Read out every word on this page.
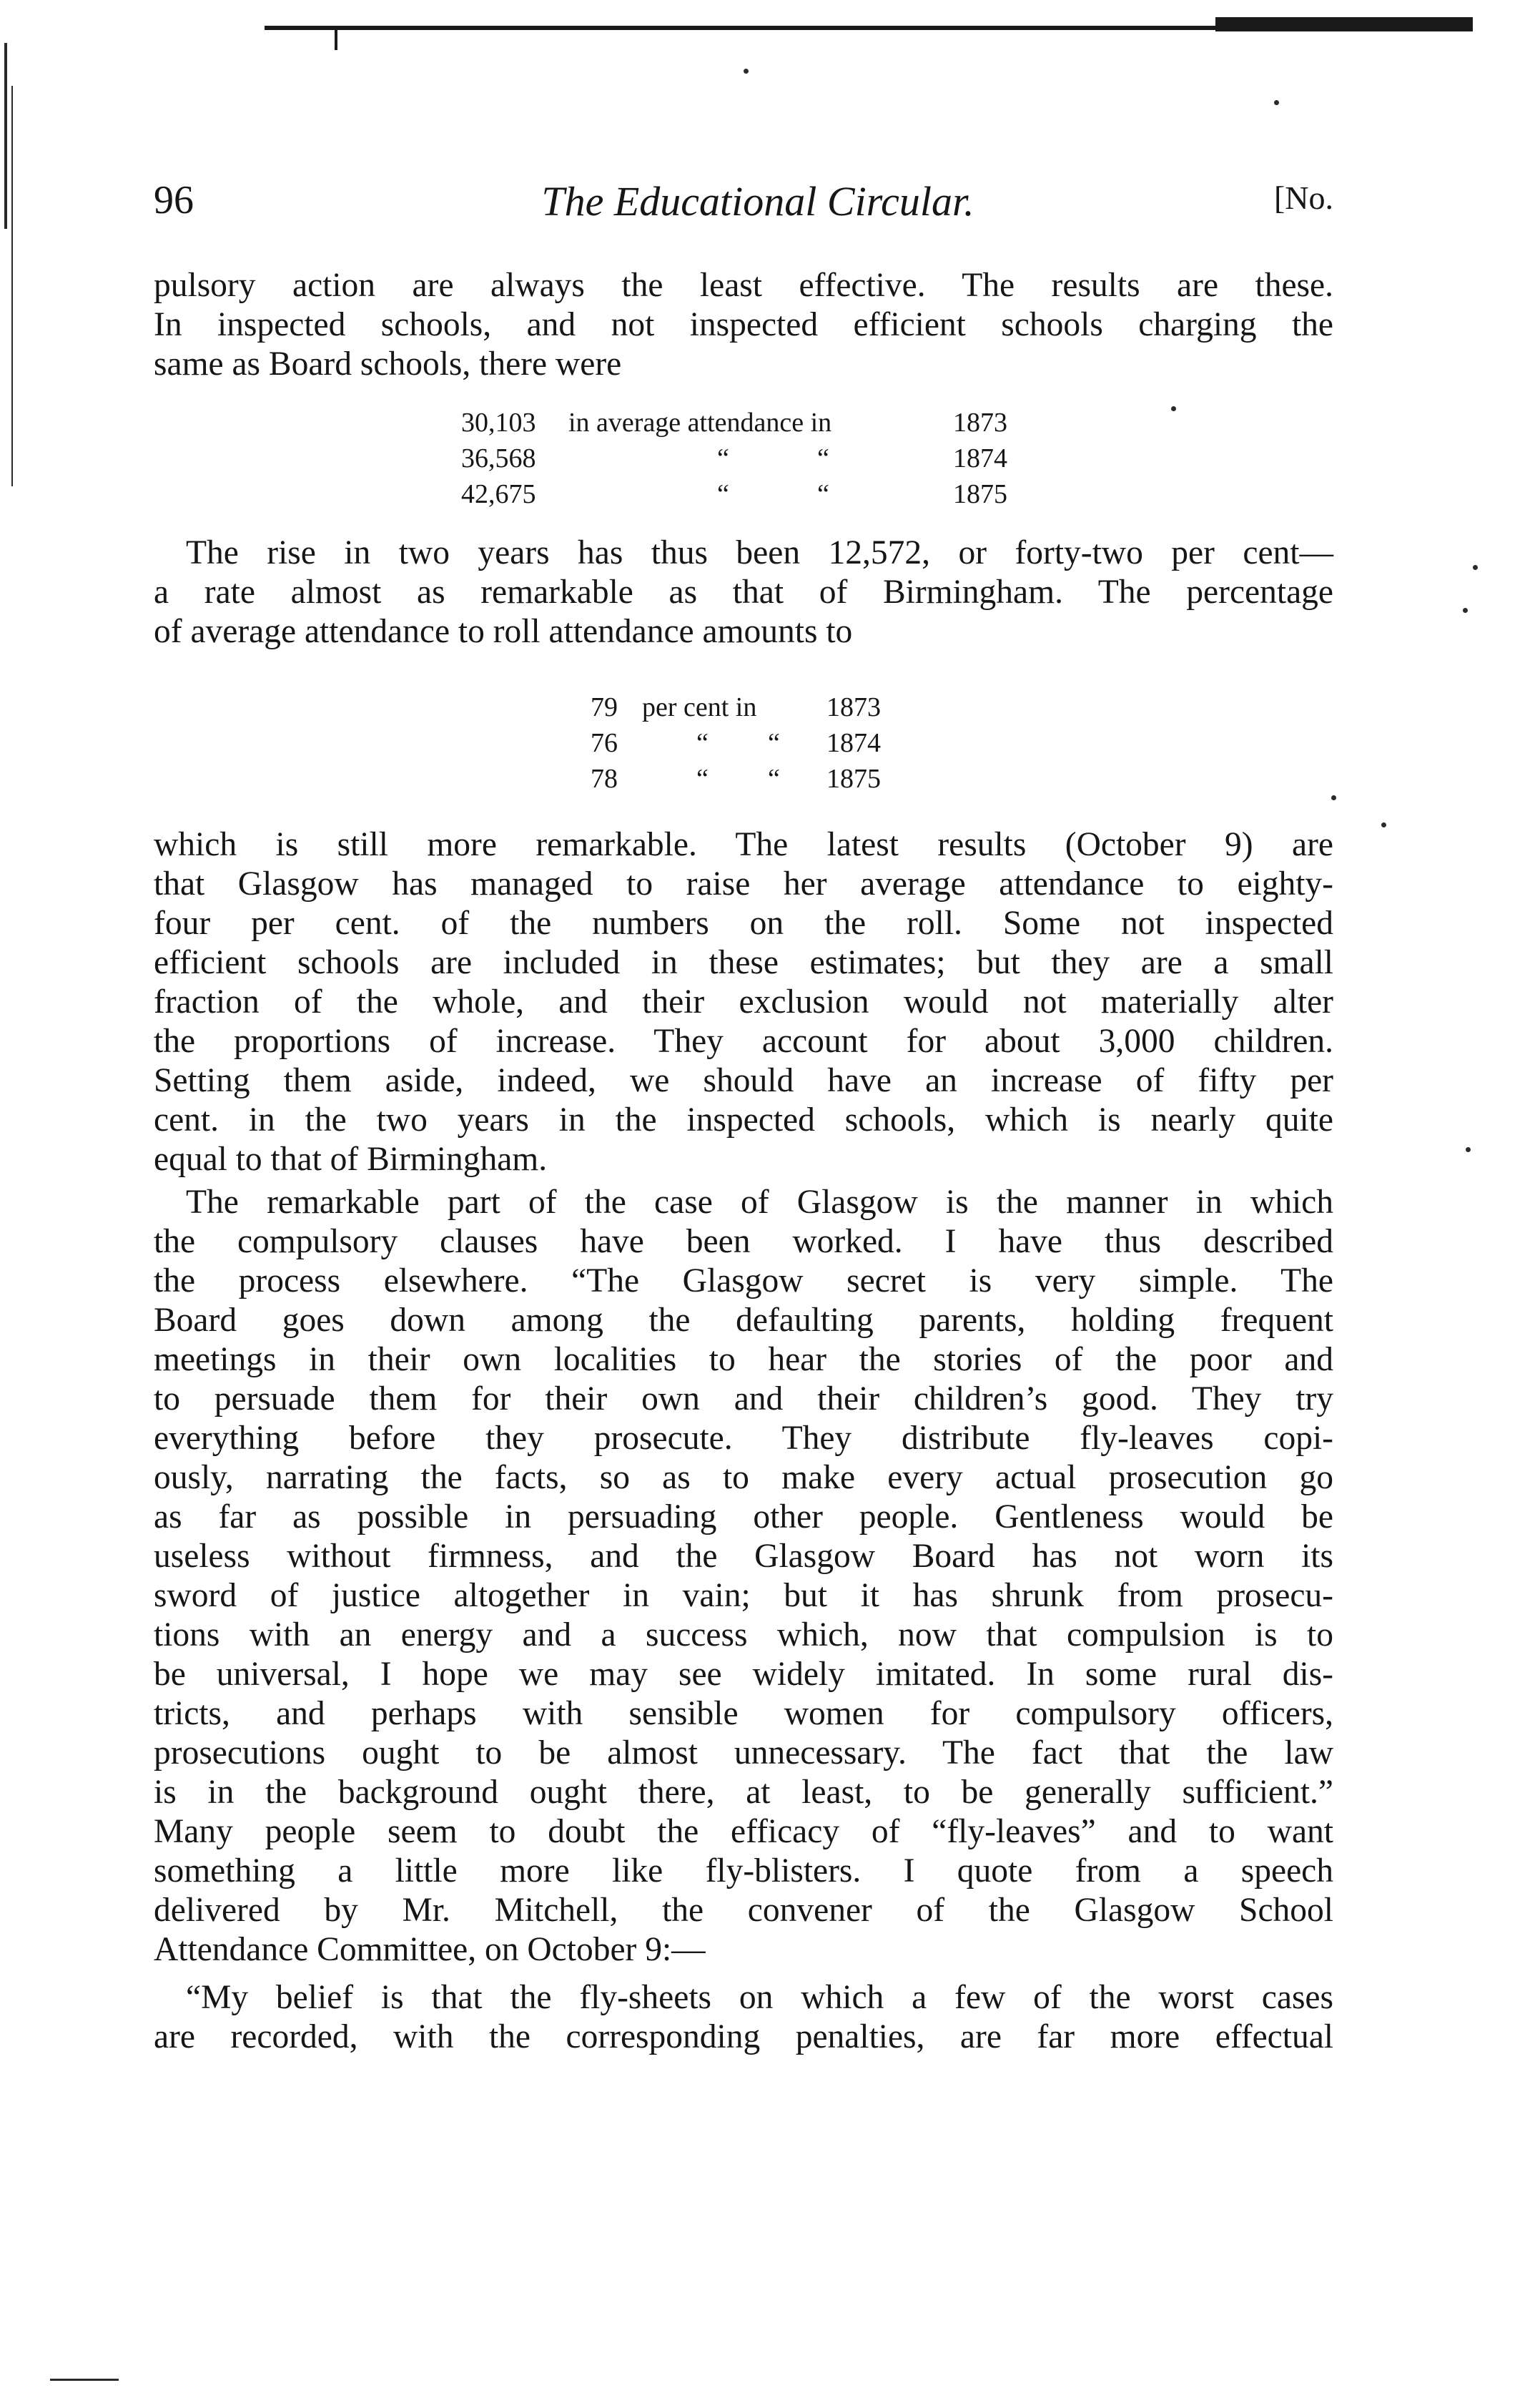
96	The Educational Circular.	[No.
pulsory action are always the least effective. The results are these.
In inspected schools, and not inspected efficient schools charging the
same as Board schools, there were
30,103 in average attendance in	1873
36,568	“	“	1874
42,675	“	“	1875
The rise in two years has thus been 12,572, or forty-two per cent—
a rate almost as remarkable as that of Birmingham. The percentage
of average attendance to roll attendance amounts to
79 per cent in	1873
76	“ “ 1874
78	“ “ 1875
which is still more remarkable. The latest results (October 9) are
that Glasgow has managed to raise her average attendance to eighty-
four per cent. of the numbers on the roll. Some not inspected
efficient schools are included in these estimates; but they are a small
fraction of the whole, and their exclusion would not materially alter
the proportions of increase. They account for about 3,000 children.
Setting them aside, indeed, we should have an increase of fifty per
cent. in the two years in the inspected schools, which is nearly quite
equal to that of Birmingham.
The remarkable part of the case of Glasgow is the manner in which
the compulsory clauses have been worked. I have thus described
the process elsewhere. “The Glasgow secret is very simple. The
Board goes down among the defaulting parents, holding frequent
meetings in their own localities to hear the stories of the poor and
to persuade them for their own and their children’s good. They try
everything before they prosecute. They distribute fly-leaves copi-
ously, narrating the facts, so as to make every actual prosecution go
as far as possible in persuading other people. Gentleness would be
useless without firmness, and the Glasgow Board has not worn its
sword of justice altogether in vain; but it has shrunk from prosecu-
tions with an energy and a success which, now that compulsion is to
be universal, I hope we may see widely imitated. In some rural dis-
tricts, and perhaps with sensible women for compulsory officers,
prosecutions ought to be almost unnecessary. The fact that the law
is in the background ought there, at least, to be generally sufficient.”
Many people seem to doubt the efficacy of “fly-leaves” and to want
something a little more like fly-blisters. I quote from a speech
delivered by Mr. Mitchell, the convener of the Glasgow School
Attendance Committee, on October 9:—
“My belief is that the fly-sheets on which a few of the worst cases
are recorded, with the corresponding penalties, are far more effectual
